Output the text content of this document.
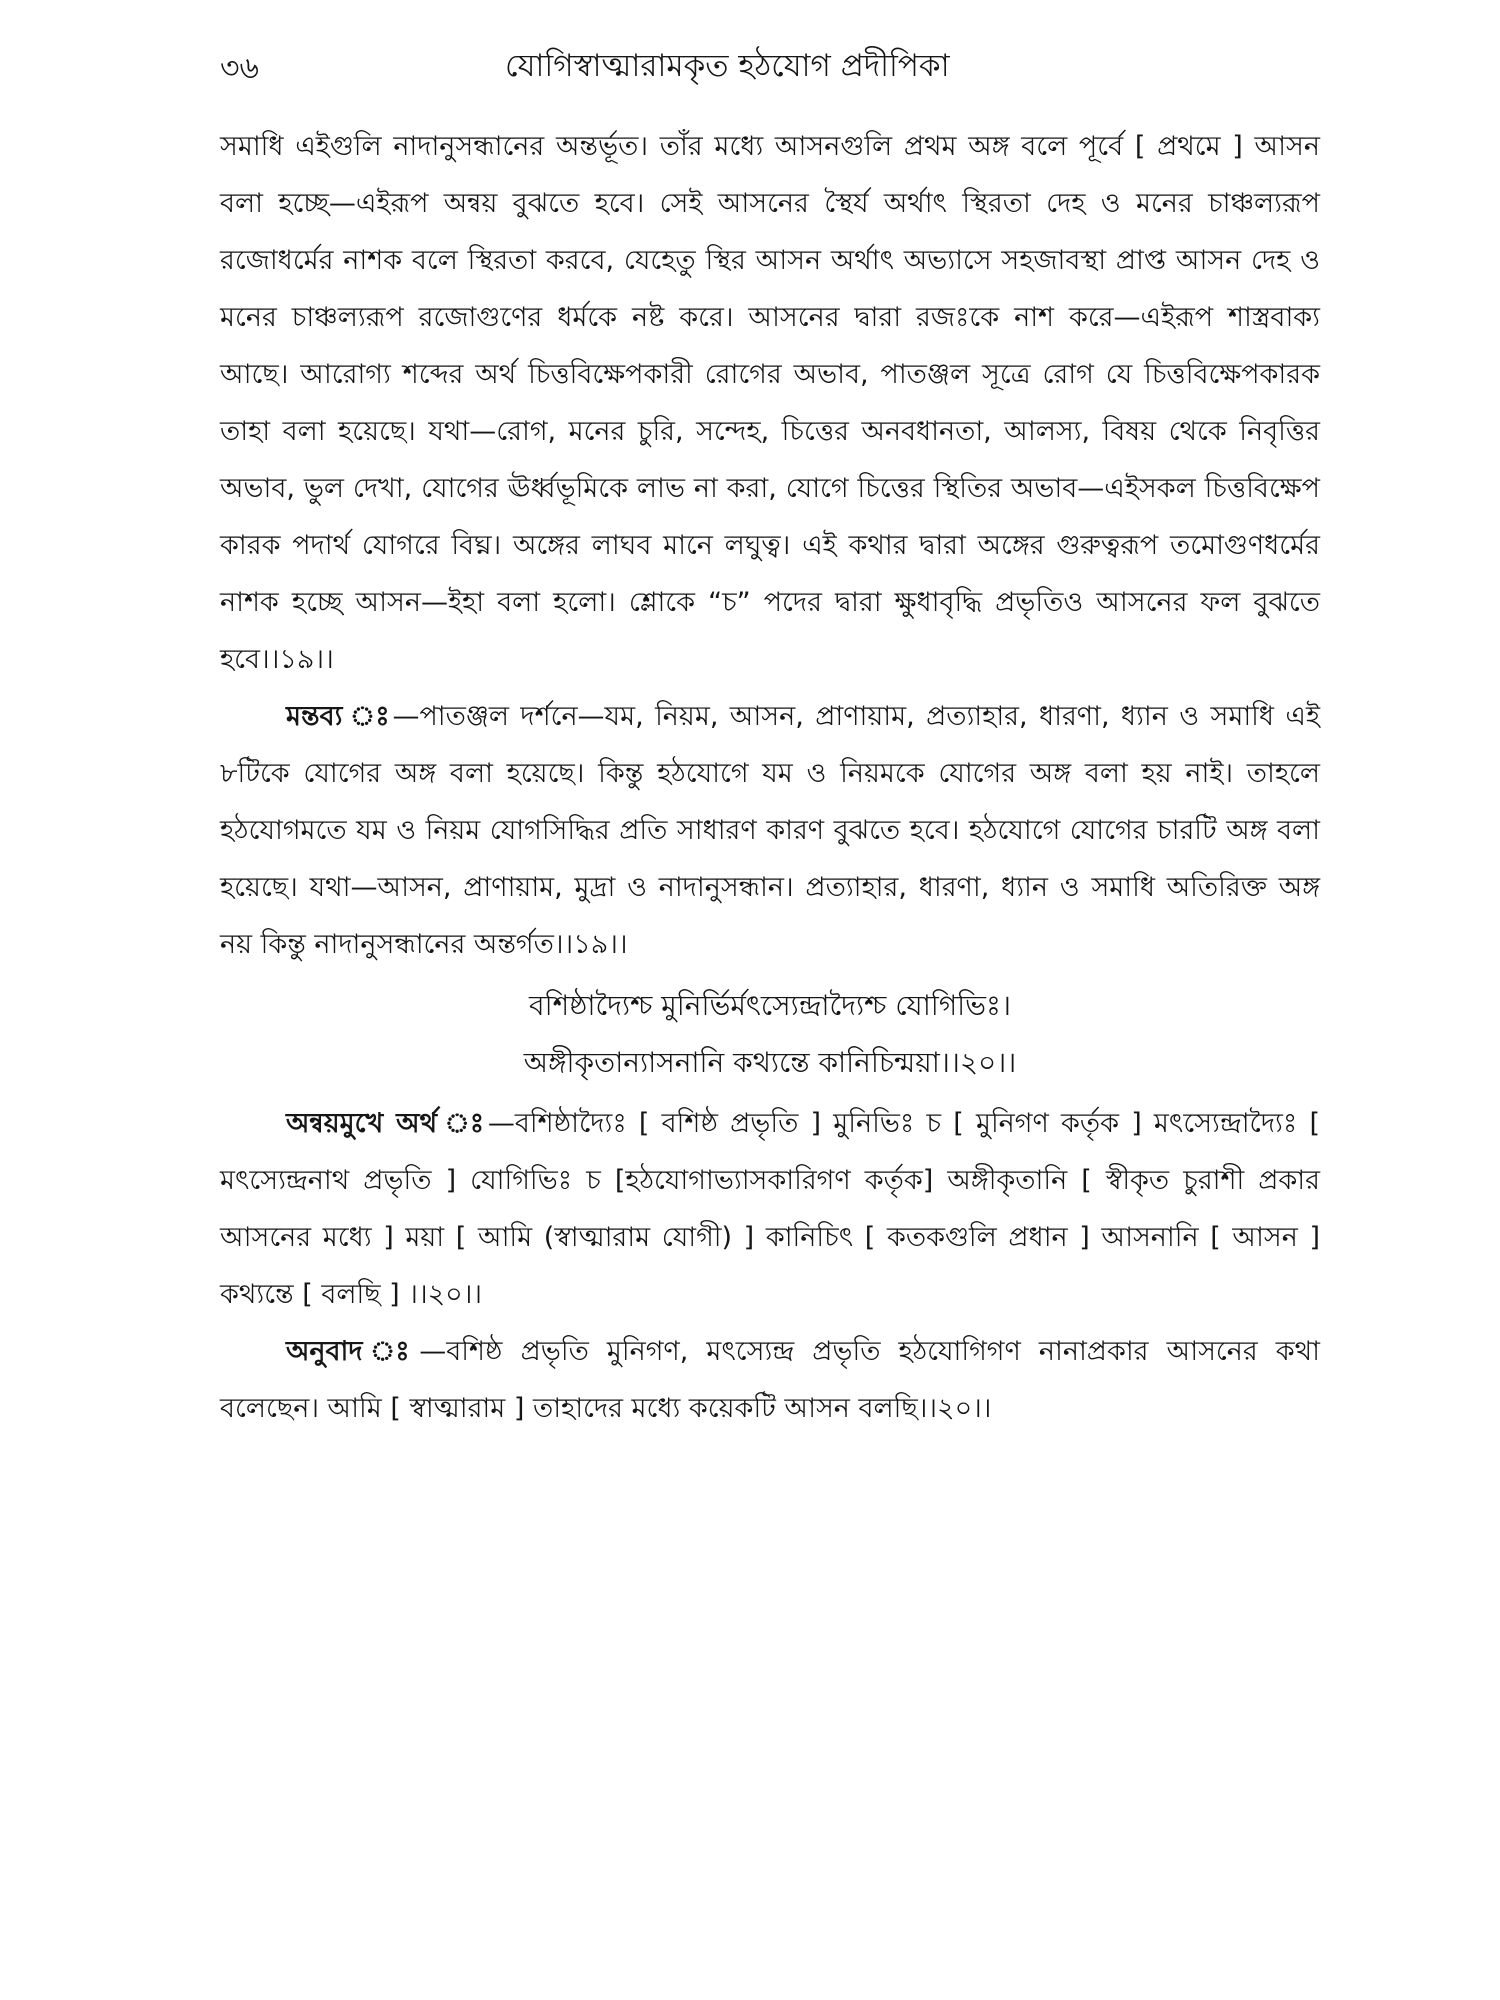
৩৬	যোগিস্বাত্মারামকৃত হঠযোগ প্রদীপিকা

সমাধি এইগুলি নাদানুসন্ধানের অন্তর্ভূত। তাঁর মধ্যে আসনগুলি প্রথম অঙ্গ বলে পূর্বে [ প্রথমে ] আসন বলা হচ্ছে—এইরূপ অন্বয় বুঝতে হবে। সেই আসনের স্থৈর্য অর্থাৎ স্থিরতা দেহ ও মনের চাঞ্চল্যরূপ রজোধর্মের নাশক বলে স্থিরতা করবে, যেহেতু স্থির আসন অর্থাৎ অভ্যাসে সহজাবস্থা প্রাপ্ত আসন দেহ ও মনের চাঞ্চল্যরূপ রজোগুণের ধর্মকে নষ্ট করে। আসনের দ্বারা রজঃকে নাশ করে—এইরূপ শাস্ত্রবাক্য আছে। আরোগ্য শব্দের অর্থ চিত্তবিক্ষেপকারী রোগের অভাব, পাতঞ্জল সূত্রে রোগ যে চিত্তবিক্ষেপকারক তাহা বলা হয়েছে। যথা—রোগ, মনের চুরি, সন্দেহ, চিত্তের অনবধানতা, আলস্য, বিষয় থেকে নিবৃত্তির অভাব, ভুল দেখা, যোগের ঊর্ধ্বভূমিকে লাভ না করা, যোগে চিত্তের স্থিতির অভাব—এইসকল চিত্তবিক্ষেপ কারক পদার্থ যোগরে বিঘ্ন। অঙ্গের লাঘব মানে লঘুত্ব। এই কথার দ্বারা অঙ্গের গুরুত্বরূপ তমোগুণধর্মের নাশক হচ্ছে আসন—ইহা বলা হলো। শ্লোকে “চ” পদের দ্বারা ক্ষুধাবৃদ্ধি প্রভৃতিও আসনের ফল বুঝতে হবে।।১৯।।

মন্তব্য ঃ—পাতঞ্জল দর্শনে—যম, নিয়ম, আসন, প্রাণায়াম, প্রত্যাহার, ধারণা, ধ্যান ও সমাধি এই ৮টিকে যোগের অঙ্গ বলা হয়েছে। কিন্তু হঠযোগে যম ও নিয়মকে যোগের অঙ্গ বলা হয় নাই। তাহলে হঠযোগমতে যম ও নিয়ম যোগসিদ্ধির প্রতি সাধারণ কারণ বুঝতে হবে। হঠযোগে যোগের চারটি অঙ্গ বলা হয়েছে। যথা—আসন, প্রাণায়াম, মুদ্রা ও নাদানুসন্ধান। প্রত্যাহার, ধারণা, ধ্যান ও সমাধি অতিরিক্ত অঙ্গ নয় কিন্তু নাদানুসন্ধানের অন্তর্গত।।১৯।।

বশিষ্ঠাদ্যৈশ্চ মুনির্ভির্মৎস্যেন্দ্রাদ্যৈশ্চ যোগিভিঃ।
অঙ্গীকৃতান্যাসনানি কথ্যন্তে কানিচিন্ময়া।।২০।।

অন্বয়মুখে অর্থ ঃ—বশিষ্ঠাদ্যৈঃ [ বশিষ্ঠ প্রভৃতি ] মুনিভিঃ চ [ মুনিগণ কর্তৃক ] মৎস্যেন্দ্রাদ্যৈঃ [ মৎস্যেন্দ্রনাথ প্রভৃতি ] যোগিভিঃ চ [হঠযোগাভ্যাসকারিগণ কর্তৃক] অঙ্গীকৃতানি [ স্বীকৃত চুরাশী প্রকার আসনের মধ্যে ] ময়া [ আমি (স্বাত্মারাম যোগী) ] কানিচিৎ [ কতকগুলি প্রধান ] আসনানি [ আসন ] কথ্যন্তে [ বলছি ] ।।২০।।

অনুবাদ ঃ—বশিষ্ঠ প্রভৃতি মুনিগণ, মৎস্যেন্দ্র প্রভৃতি হঠযোগিগণ নানাপ্রকার আসনের কথা বলেছেন। আমি [ স্বাত্মারাম ] তাহাদের মধ্যে কয়েকটি আসন বলছি।।২০।।
